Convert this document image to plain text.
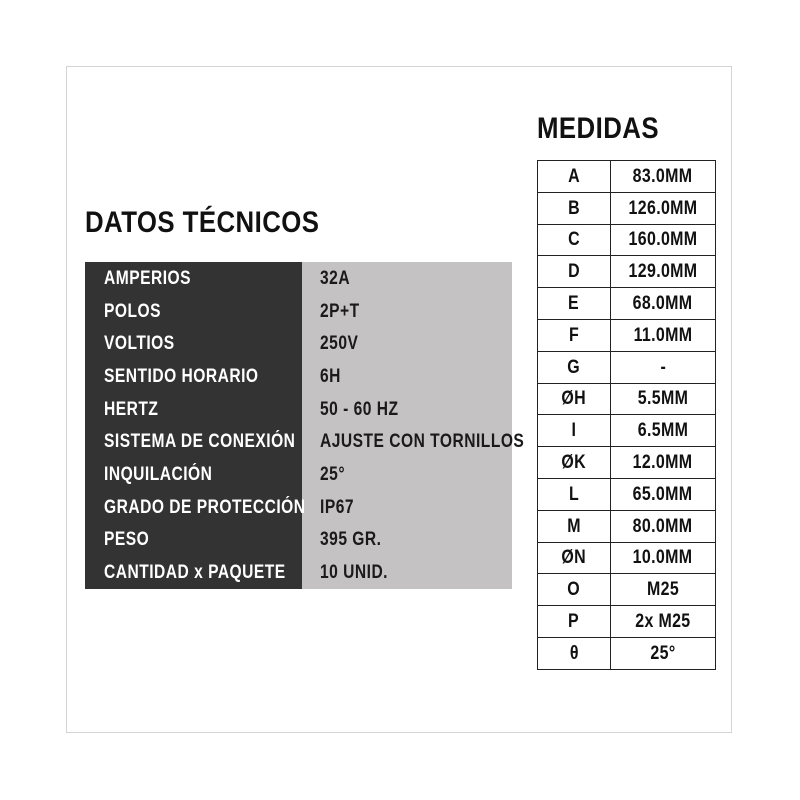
DATOS TÉCNICOS
MEDIDAS
AMPERIOS	32A
POLOS	2P+T
VOLTIOS	250V
SENTIDO HORARIO	6H
HERTZ	50 - 60 HZ
SISTEMA DE CONEXIÓN	AJUSTE CON TORNILLOS
INQUILACIÓN	25°
GRADO DE PROTECCIÓN	IP67
PESO	395 GR.
CANTIDAD x PAQUETE	10 UNID.
A	83.0MM
B	126.0MM
C	160.0MM
D	129.0MM
E	68.0MM
F	11.0MM
G	-
ØH	5.5MM
I	6.5MM
ØK	12.0MM
L	65.0MM
M	80.0MM
ØN	10.0MM
O	M25
P	2x M25
θ	25°
